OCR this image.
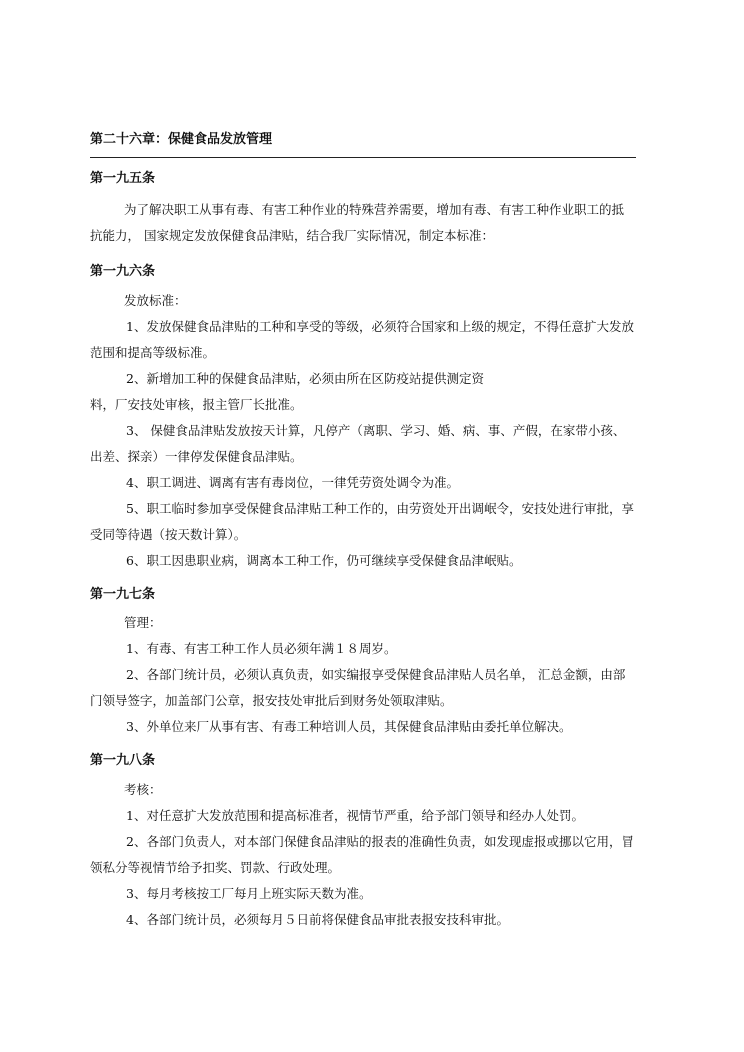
第二十六章：保健食品发放管理
第一九五条
为了解决职工从事有毒、有害工种作业的特殊营养需要，增加有毒、有害工种作业职工的抵
抗能力， 国家规定发放保健食品津贴，结合我厂实际情况，制定本标准：
第一九六条
发放标准：
1、发放保健食品津贴的工种和享受的等级，必须符合国家和上级的规定，不得任意扩大发放
范围和提高等级标准。
2、新增加工种的保健食品津贴，必须由所在区防疫站提供测定资
料，厂安技处审核，报主管厂长批准。
3、 保健食品津贴发放按天计算，凡停产（离职、学习、婚、病、事、产假，在家带小孩、
出差、探亲）一律停发保健食品津贴。
4、职工调进、调离有害有毒岗位，一律凭劳资处调令为准。
5、职工临时参加享受保健食品津贴工种工作的，由劳资处开出调岷令，安技处进行审批，享
受同等待遇（按天数计算）。
6、职工因患职业病，调离本工种工作，仍可继续享受保健食品津岷贴。
第一九七条
管理：
1、有毒、有害工种工作人员必须年满１８周岁。
2、各部门统计员，必须认真负责，如实编报享受保健食品津贴人员名单， 汇总金额，由部
门领导签字，加盖部门公章，报安技处审批后到财务处领取津贴。
3、外单位来厂从事有害、有毒工种培训人员，其保健食品津贴由委托单位解决。
第一九八条
考核：
1、对任意扩大发放范围和提高标准者，视情节严重，给予部门领导和经办人处罚。
2、各部门负责人，对本部门保健食品津贴的报表的准确性负责，如发现虚报或挪以它用，冒
领私分等视情节给予扣奖、罚款、行政处理。
3、每月考核按工厂每月上班实际天数为准。
4、各部门统计员，必须每月５日前将保健食品审批表报安技科审批。
